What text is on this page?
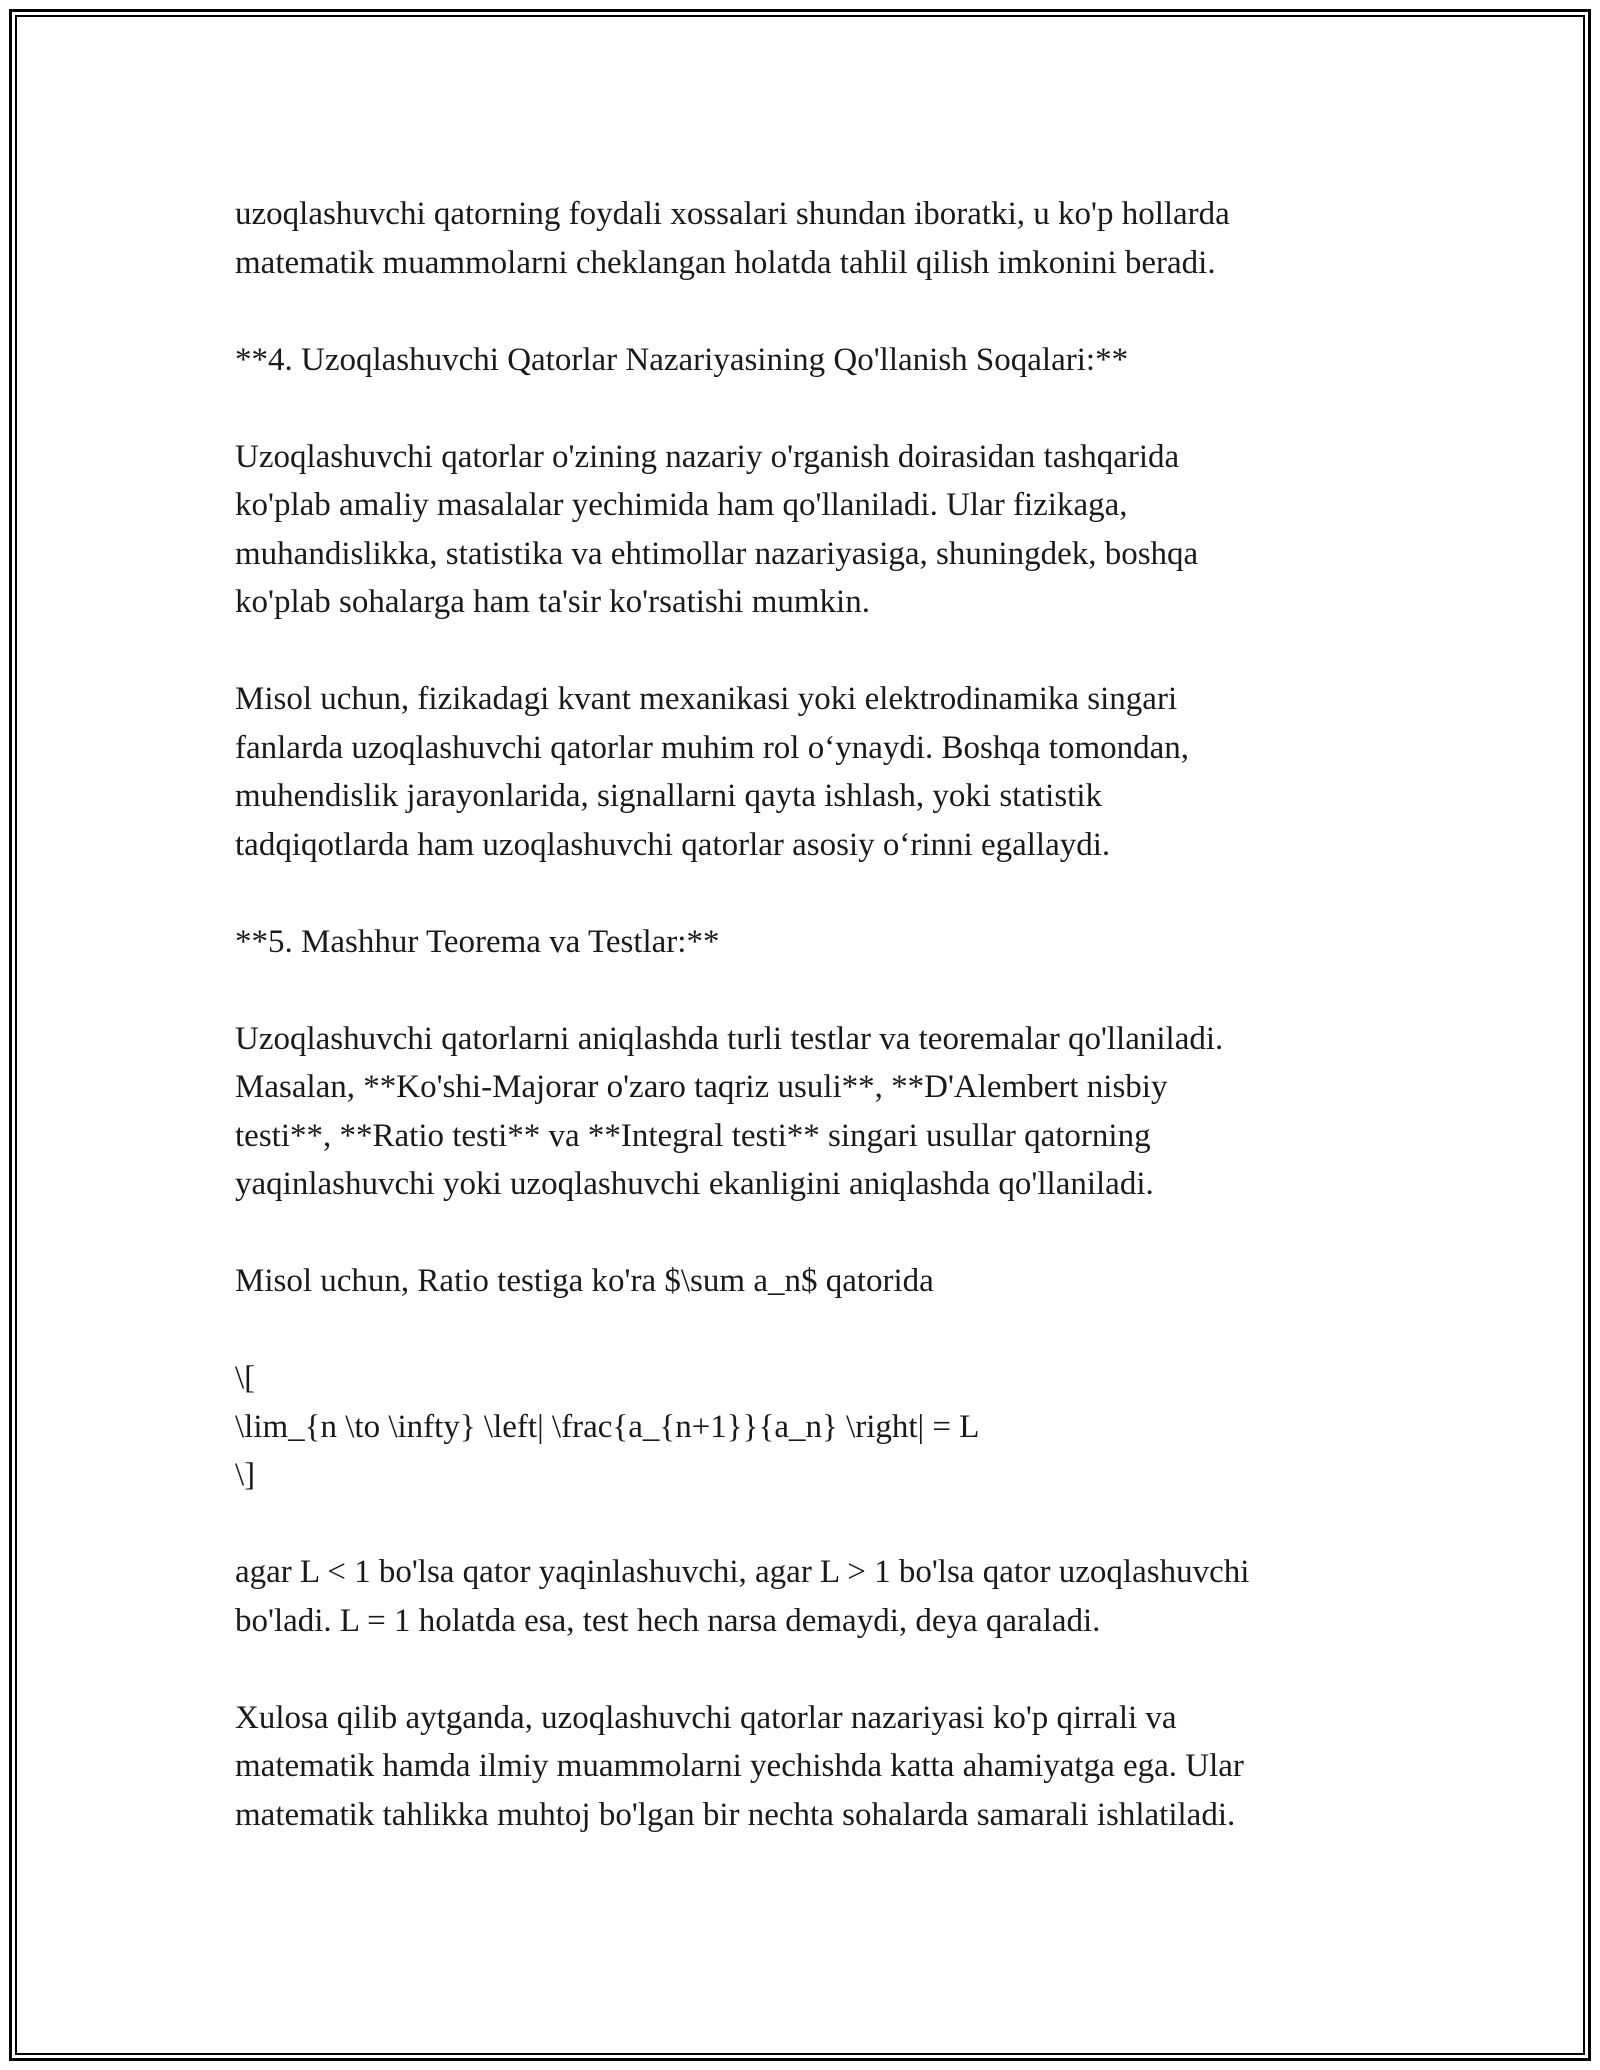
uzoqlashuvchi qatorning foydali xossalari shundan iboratki, u ko'p hollarda
matematik muammolarni cheklangan holatda tahlil qilish imkonini beradi.

**4. Uzoqlashuvchi Qatorlar Nazariyasining Qo'llanish Soqalari:**

Uzoqlashuvchi qatorlar o'zining nazariy o'rganish doirasidan tashqarida
ko'plab amaliy masalalar yechimida ham qo'llaniladi. Ular fizikaga,
muhandislikka, statistika va ehtimollar nazariyasiga, shuningdek, boshqa
ko'plab sohalarga ham ta'sir ko'rsatishi mumkin.

Misol uchun, fizikadagi kvant mexanikasi yoki elektrodinamika singari
fanlarda uzoqlashuvchi qatorlar muhim rol o‘ynaydi. Boshqa tomondan,
muhendislik jarayonlarida, signallarni qayta ishlash, yoki statistik
tadqiqotlarda ham uzoqlashuvchi qatorlar asosiy o‘rinni egallaydi.

**5. Mashhur Teorema va Testlar:**

Uzoqlashuvchi qatorlarni aniqlashda turli testlar va teoremalar qo'llaniladi.
Masalan, **Ko'shi-Majorar o'zaro taqriz usuli**, **D'Alembert nisbiy
testi**, **Ratio testi** va **Integral testi** singari usullar qatorning
yaqinlashuvchi yoki uzoqlashuvchi ekanligini aniqlashda qo'llaniladi.

Misol uchun, Ratio testiga ko'ra $\sum a_n$ qatorida

\[
\lim_{n \to \infty} \left| \frac{a_{n+1}}{a_n} \right| = L
\]

agar L < 1 bo'lsa qator yaqinlashuvchi, agar L > 1 bo'lsa qator uzoqlashuvchi
bo'ladi. L = 1 holatda esa, test hech narsa demaydi, deya qaraladi.

Xulosa qilib aytganda, uzoqlashuvchi qatorlar nazariyasi ko'p qirrali va
matematik hamda ilmiy muammolarni yechishda katta ahamiyatga ega. Ular
matematik tahlikka muhtoj bo'lgan bir nechta sohalarda samarali ishlatiladi.
